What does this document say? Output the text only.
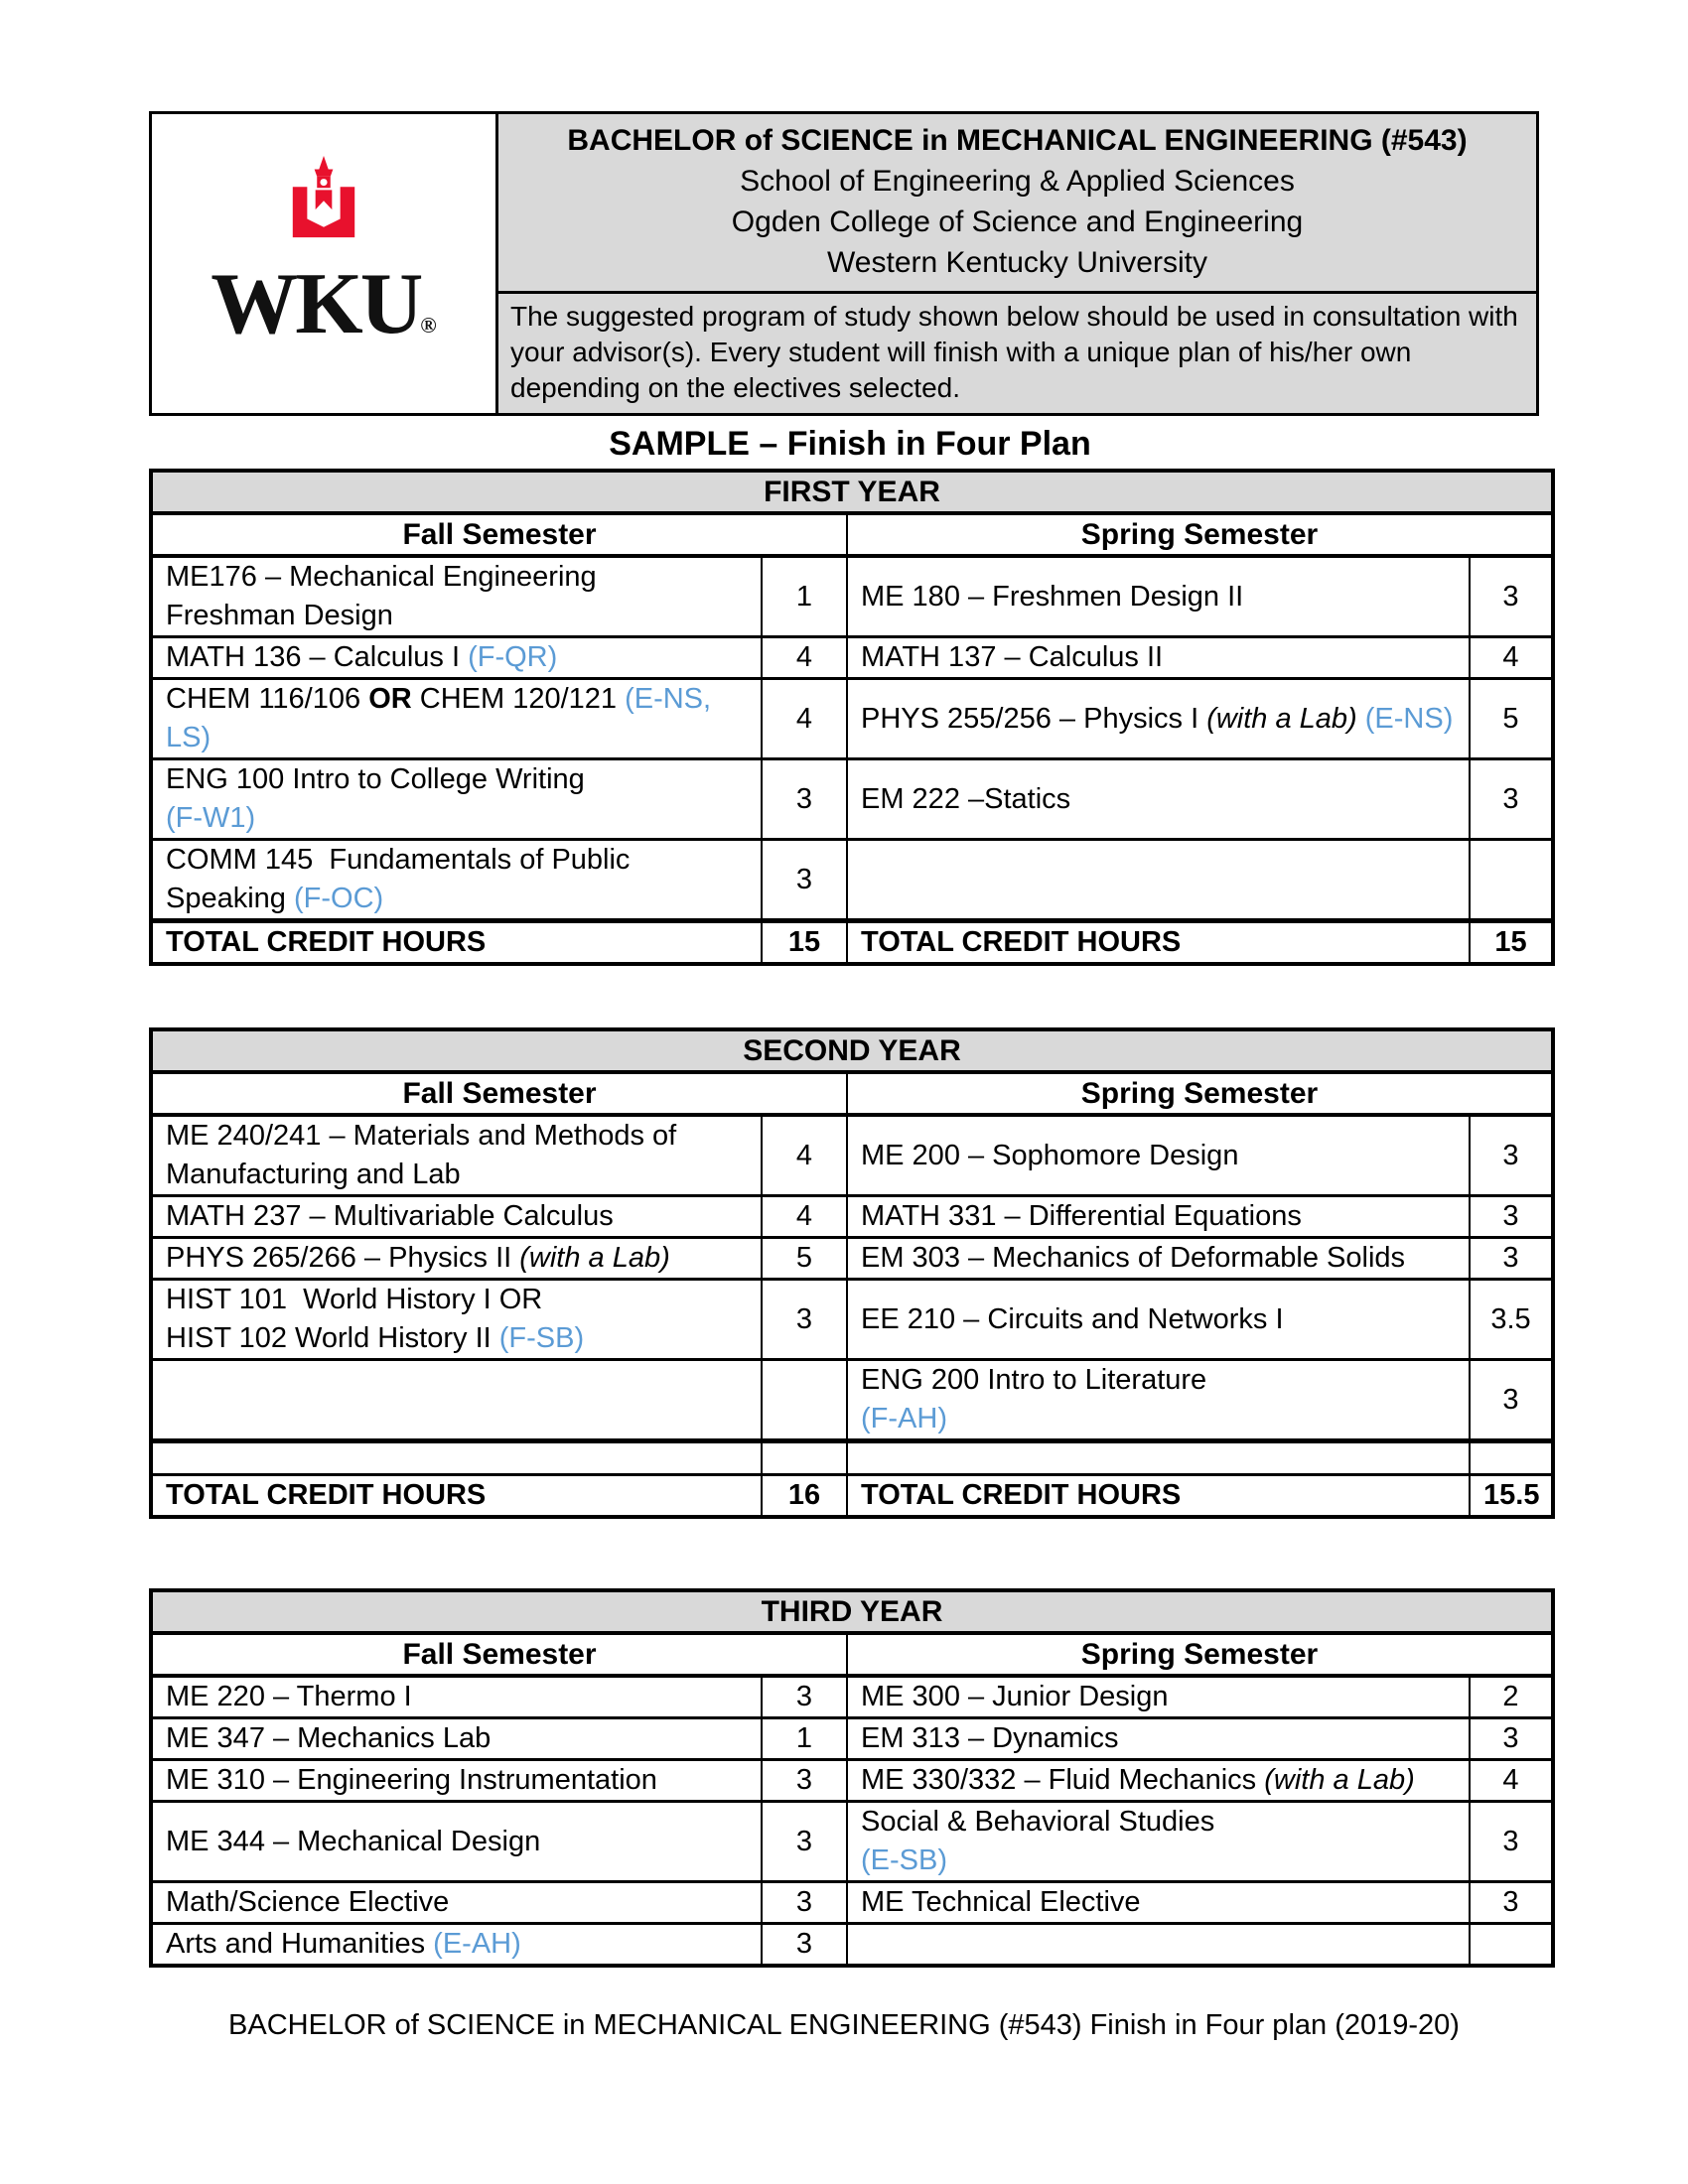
WKU®
BACHELOR of SCIENCE in MECHANICAL ENGINEERING (#543)
School of Engineering & Applied Sciences
Ogden College of Science and Engineering
Western Kentucky University
The suggested program of study shown below should be used in consultation with
your advisor(s). Every student will finish with a unique plan of his/her own
depending on the electives selected.
SAMPLE – Finish in Four Plan
FIRST YEAR			
Fall Semester		Spring Semester	
ME176 – Mechanical Engineering
Freshman Design	1	ME 180 – Freshmen Design II	3
MATH 136 – Calculus I (F-QR)	4	MATH 137 – Calculus II	4
CHEM 116/106 OR CHEM 120/121 (E-NS, LS)	4	PHYS 255/256 – Physics I (with a Lab) (E-NS)	5
ENG 100 Intro to College Writing
(F-W1)	3	EM 222 –Statics	3
COMM 145  Fundamentals of Public
Speaking (F-OC)	3		
TOTAL CREDIT HOURS	15	TOTAL CREDIT HOURS	15
SECOND YEAR			
Fall Semester		Spring Semester	
ME 240/241 – Materials and Methods of
Manufacturing and Lab	4	ME 200 – Sophomore Design	3
MATH 237 – Multivariable Calculus	4	MATH 331 – Differential Equations	3
PHYS 265/266 – Physics II (with a Lab)	5	EM 303 – Mechanics of Deformable Solids	3
HIST 101  World History I OR
HIST 102 World History II (F-SB)	3	EE 210 – Circuits and Networks I	3.5
		ENG 200 Intro to Literature
(F-AH)	3

TOTAL CREDIT HOURS	16	TOTAL CREDIT HOURS	15.5
THIRD YEAR			
Fall Semester		Spring Semester	
ME 220 – Thermo I	3	ME 300 – Junior Design	2
ME 347 – Mechanics Lab	1	EM 313 – Dynamics	3
ME 310 – Engineering Instrumentation	3	ME 330/332 – Fluid Mechanics (with a Lab)	4
ME 344 – Mechanical Design	3	Social & Behavioral Studies
(E-SB)	3
Math/Science Elective	3	ME Technical Elective	3
Arts and Humanities (E-AH)	3		
BACHELOR of SCIENCE in MECHANICAL ENGINEERING (#543) Finish in Four plan (2019-20)
